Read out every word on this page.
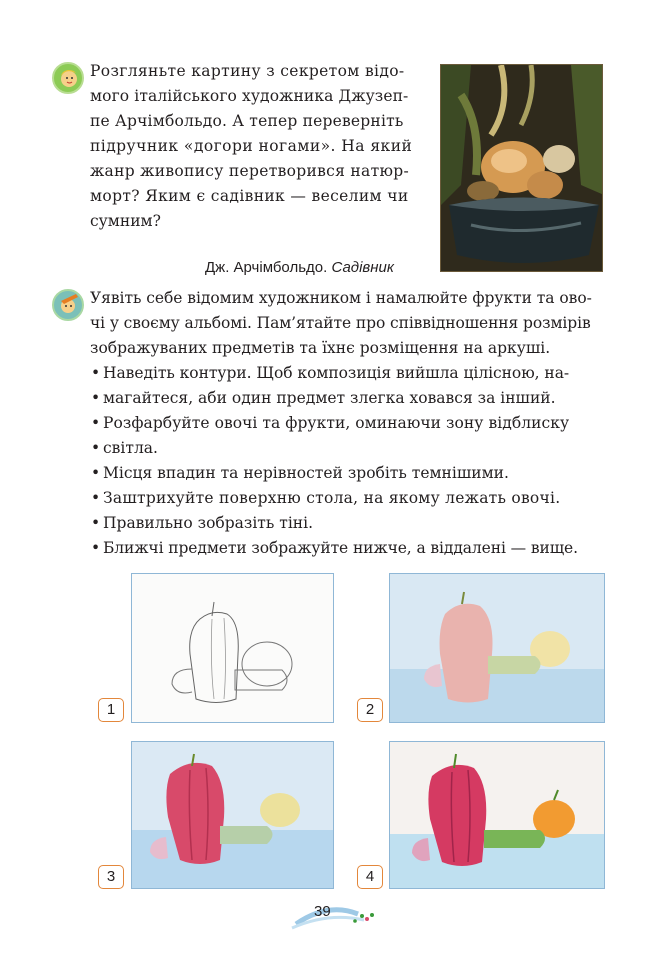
Розгляньте картину з секретом відо-
мого італійського художника Джузеп-
пе Арчімбольдо. А тепер переверніть
підручник «догори ногами». На який
жанр живопису перетворився натюр-
морт? Яким є садівник — веселим чи
сумним?
Дж. Арчімбольдо. Садівник
Уявіть себе відомим художником і намалюйте фрукти та ово-
чі у своєму альбомі. Пам’ятайте про співвідношення розмірів
зображуваних предметів та їхнє розміщення на аркуші.
• Наведіть контури. Щоб композиція вийшла цілісною, на-
• магайтеся, аби один предмет злегка ховався за інший.
• Розфарбуйте овочі та фрукти, оминаючи зону відблиску
• світла.
• Місця впадин та нерівностей зробіть темнішими.
• Заштрихуйте поверхню стола, на якому лежать овочі.
• Правильно зобразіть тіні.
• Ближчі предмети зображуйте нижче, а віддалені — вище.
1	2
3	4
39
